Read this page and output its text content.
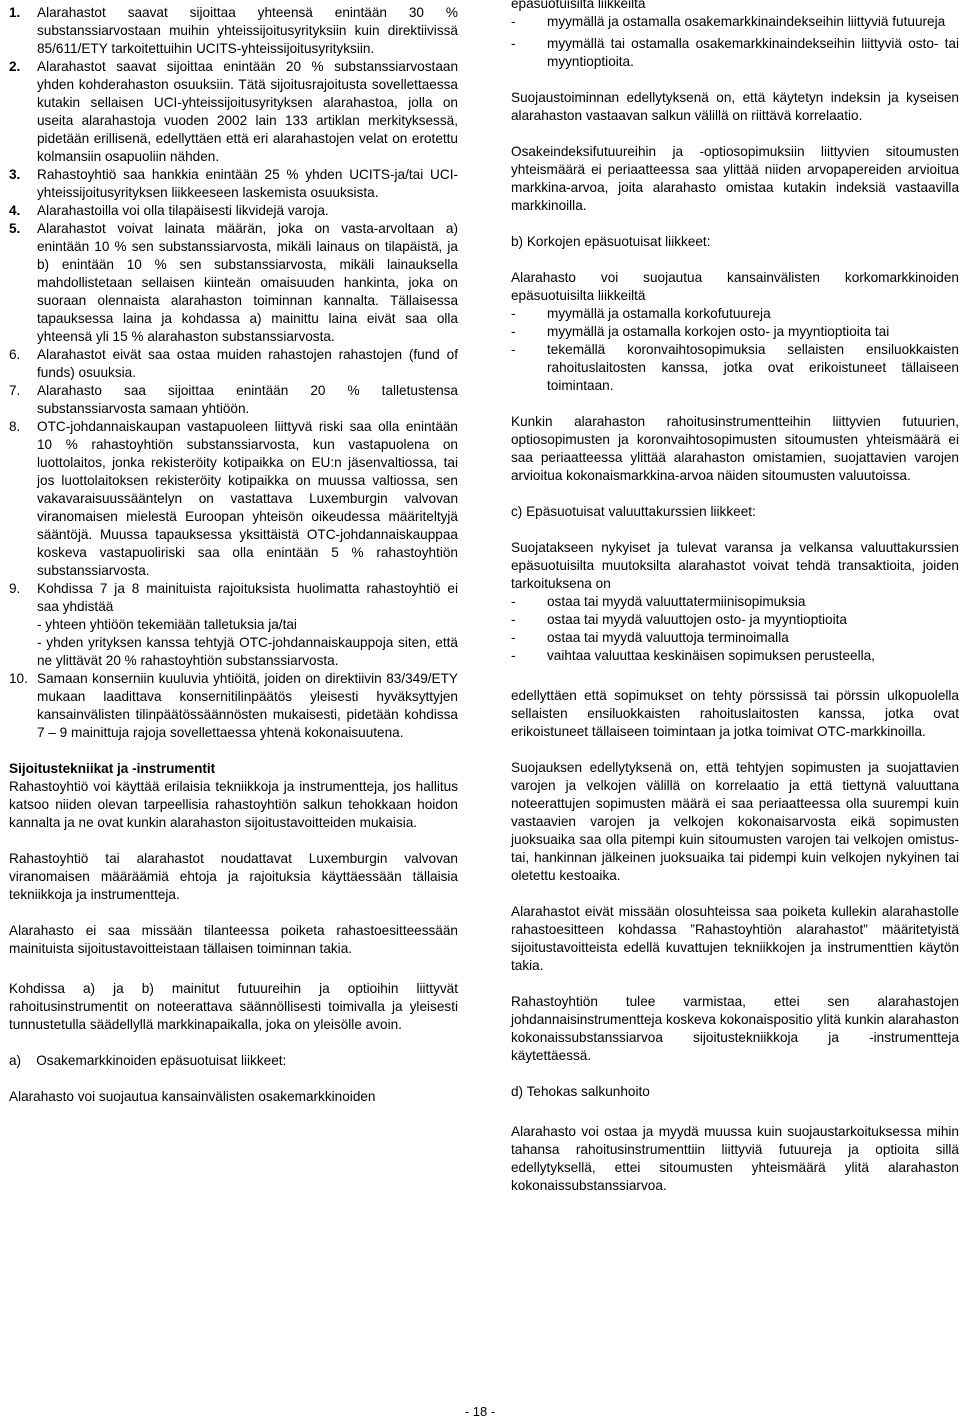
1.	Alarahastot saavat sijoittaa yhteensä enintään 30 % substanssiarvostaan muihin yhteissijoitusyrityksiin kuin direktiivissä 85/611/ETY tarkoitettuihin UCITS-yhteissijoitusyrityksiin.
2.	Alarahastot saavat sijoittaa enintään 20 % substanssiarvostaan yhden kohderahaston osuuksiin. Tätä sijoitusrajoitusta sovellettaessa kutakin sellaisen UCI-yhteissijoitusyrityksen alarahastoa, jolla on useita alarahastoja vuoden 2002 lain 133 artiklan merkityksessä, pidetään erillisenä, edellyttäen että eri alarahastojen velat on erotettu kolmansiin osapuoliin nähden.
3.	Rahastoyhtiö saa hankkia enintään 25 % yhden UCITS-ja/tai UCI-yhteissijoitusyrityksen liikkeeseen laskemista osuuksista.
4.	Alarahastoilla voi olla tilapäisesti likvidejä varoja.
5.	Alarahastot voivat lainata määrän, joka on vasta-arvoltaan a) enintään 10 % sen substanssiarvosta, mikäli lainaus on tilapäistä, ja b) enintään 10 % sen substanssiarvosta, mikäli lainauksella mahdollistetaan sellaisen kiinteän omaisuuden hankinta, joka on suoraan olennaista alarahaston toiminnan kannalta. Tällaisessa tapauksessa laina ja kohdassa a) mainittu laina eivät saa olla yhteensä yli 15 % alarahaston substanssiarvosta.
6.	Alarahastot eivät saa ostaa muiden rahastojen rahastojen (fund of funds) osuuksia.
7.	Alarahasto saa sijoittaa enintään 20 % talletustensa substanssiarvosta samaan yhtiöön.
8.	OTC-johdannaiskaupan vastapuoleen liittyvä riski saa olla enintään 10 % rahastoyhtiön substanssiarvosta, kun vastapuolena on luottolaitos, jonka rekisteröity kotipaikka on EU:n jäsenvaltiossa, tai jos luottolaitoksen rekisteröity kotipaikka on muussa valtiossa, sen vakavaraisuussääntelyn on vastattava Luxemburgin valvovan viranomaisen mielestä Euroopan yhteisön oikeudessa määriteltyjä sääntöjä. Muussa tapauksessa yksittäistä OTC-johdannaiskauppaa koskeva vastapuoliriski saa olla enintään 5 % rahastoyhtiön substanssiarvosta.
9.	Kohdissa 7 ja 8 mainituista rajoituksista huolimatta rahastoyhtiö ei saa yhdistää
- yhteen yhtiöön tekemiään talletuksia ja/tai
- yhden yrityksen kanssa tehtyjä OTC-johdannaiskauppoja siten, että ne ylittävät 20 % rahastoyhtiön substanssiarvosta.
10. Samaan konserniin kuuluvia yhtiöitä, joiden on direktiivin 83/349/ETY mukaan laadittava konsernitilinpäätös yleisesti hyväksyttyjen kansainvälisten tilinpäätössäännösten mukaisesti, pidetään kohdissa 7 – 9 mainittuja rajoja sovellettaessa yhtenä kokonaisuutena.

Sijoitustekniikat ja -instrumentit

Rahastoyhtiö voi käyttää erilaisia tekniikkoja ja instrumentteja, jos hallitus katsoo niiden olevan tarpeellisia rahastoyhtiön salkun tehokkaan hoidon kannalta ja ne ovat kunkin alarahaston sijoitustavoitteiden mukaisia.

Rahastoyhtiö tai alarahastot noudattavat Luxemburgin valvovan viranomaisen määräämiä ehtoja ja rajoituksia käyttäessään tällaisia tekniikkoja ja instrumentteja.

Alarahasto ei saa missään tilanteessa poiketa rahastoesitteessään mainituista sijoitustavoitteistaan tällaisen toiminnan takia.

Kohdissa a) ja b) mainitut futuureihin ja optioihin liittyvät rahoitusinstrumentit on noteerattava säännöllisesti toimivalla ja yleisesti tunnustetulla säädellyllä markkinapaikalla, joka on yleisölle avoin.

a) Osakemarkkinoiden epäsuotuisat liikkeet:

Alarahasto voi suojautua kansainvälisten osakemarkkinoiden

epäsuotuisilta liikkeiltä

-	myymällä ja ostamalla osakemarkkinaindekseihin liittyviä futuureja
-	myymällä tai ostamalla osakemarkkinaindekseihin liittyviä osto- tai myyntioptioita.

Suojaustoiminnan edellytyksenä on, että käytetyn indeksin ja kyseisen alarahaston vastaavan salkun välillä on riittävä korrelaatio.

Osakeindeksifutuureihin ja -optiosopimuksiin liittyvien sitoumusten yhteismäärä ei periaatteessa saa ylittää niiden arvopapereiden arvioitua markkina-arvoa, joita alarahasto omistaa kutakin indeksiä vastaavilla markkinoilla.

b) Korkojen epäsuotuisat liikkeet:

Alarahasto voi suojautua kansainvälisten korkomarkkinoiden epäsuotuisilta liikkeiltä

-	myymällä ja ostamalla korkofutuureja
-	myymällä ja ostamalla korkojen osto- ja myyntioptioita tai
-	tekemällä koronvaihtosopimuksia sellaisten ensiluokkaisten rahoituslaitosten kanssa, jotka ovat erikoistuneet tällaiseen toimintaan.

Kunkin alarahaston rahoitusinstrumentteihin liittyvien futuurien, optiosopimusten ja koronvaihtosopimusten sitoumusten yhteismäärä ei saa periaatteessa ylittää alarahaston omistamien, suojattavien varojen arvioitua kokonaismarkkina-arvoa näiden sitoumusten valuutoissa.

c) Epäsuotuisat valuuttakurssien liikkeet:

Suojatakseen nykyiset ja tulevat varansa ja velkansa valuuttakurssien epäsuotuisilta muutoksilta alarahastot voivat tehdä transaktioita, joiden tarkoituksena on

-	ostaa tai myydä valuuttatermiinisopimuksia
-	ostaa tai myydä valuuttojen osto- ja myyntioptioita
-	ostaa tai myydä valuuttoja terminoimalla
-	vaihtaa valuuttaa keskinäisen sopimuksen perusteella,

edellyttäen että sopimukset on tehty pörssissä tai pörssin ulkopuolella sellaisten ensiluokkaisten rahoituslaitosten kanssa, jotka ovat erikoistuneet tällaiseen toimintaan ja jotka toimivat OTC-markkinoilla.

Suojauksen edellytyksenä on, että tehtyjen sopimusten ja suojattavien varojen ja velkojen välillä on korrelaatio ja että tiettynä valuuttana noteerattujen sopimusten määrä ei saa periaatteessa olla suurempi kuin vastaavien varojen ja velkojen kokonaisarvosta eikä sopimusten juoksuaika saa olla pitempi kuin sitoumusten varojen tai velkojen omistus- tai, hankinnan jälkeinen juoksuaika tai pidempi kuin velkojen nykyinen tai oletettu kestoaika.

Alarahastot eivät missään olosuhteissa saa poiketa kullekin alarahastolle rahastoesitteen kohdassa ”Rahastoyhtiön alarahastot” määritetyistä sijoitustavoitteista edellä kuvattujen tekniikkojen ja instrumenttien käytön takia.

Rahastoyhtiön tulee varmistaa, ettei sen alarahastojen johdannaisinstrumentteja koskeva kokonaispositio ylitä kunkin alarahaston kokonaissubstanssiarvoa sijoitustekniikkoja ja -instrumentteja käytettäessä.

d) Tehokas salkunhoito

Alarahasto voi ostaa ja myydä muussa kuin suojaustarkoituksessa mihin tahansa rahoitusinstrumenttiin liittyviä futuureja ja optioita sillä edellytyksellä, ettei sitoumusten yhteismäärä ylitä alarahaston kokonaissubstanssiarvoa.

- 18 -
